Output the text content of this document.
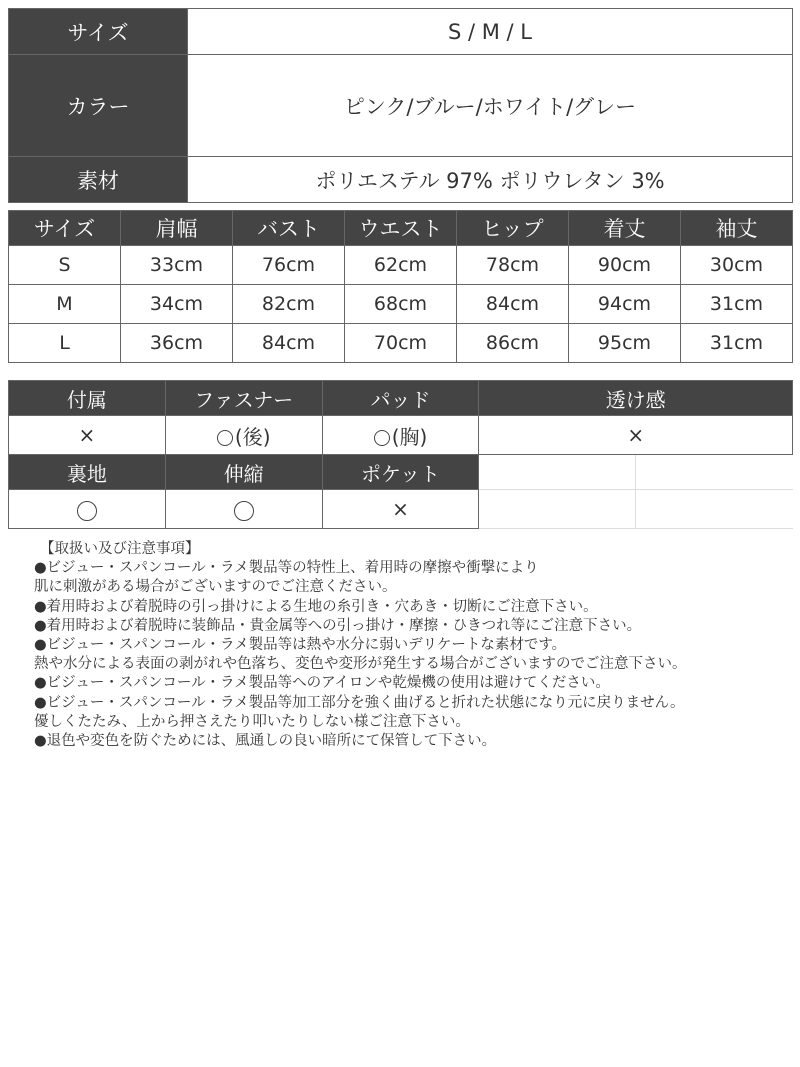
サイズ	S / M / L
カラー	ピンク/ブルー/ホワイト/グレー
素材	ポリエステル 97% ポリウレタン 3%
サイズ	肩幅	バスト	ウエスト	ヒップ	着丈	袖丈
S	33cm	76cm	62cm	78cm	90cm	30cm
M	34cm	82cm	68cm	84cm	94cm	31cm
L	36cm	84cm	70cm	86cm	95cm	31cm
付属	ファスナー	パッド	透け感	
×	(後)	(胸)	×	
裏地	伸縮	ポケット		
		×		
【取扱い及び注意事項】
●ビジュー・スパンコール・ラメ製品等の特性上、着用時の摩擦や衝撃により
肌に刺激がある場合がございますのでご注意ください。
●着用時および着脱時の引っ掛けによる生地の糸引き・穴あき・切断にご注意下さい。
●着用時および着脱時に装飾品・貴金属等への引っ掛け・摩擦・ひきつれ等にご注意下さい。
●ビジュー・スパンコール・ラメ製品等は熱や水分に弱いデリケートな素材です。
熱や水分による表面の剥がれや色落ち、変色や変形が発生する場合がございますのでご注意下さい。
●ビジュー・スパンコール・ラメ製品等へのアイロンや乾燥機の使用は避けてください。
●ビジュー・スパンコール・ラメ製品等加工部分を強く曲げると折れた状態になり元に戻りません。
優しくたたみ、上から押さえたり叩いたりしない様ご注意下さい。
●退色や変色を防ぐためには、風通しの良い暗所にて保管して下さい。
